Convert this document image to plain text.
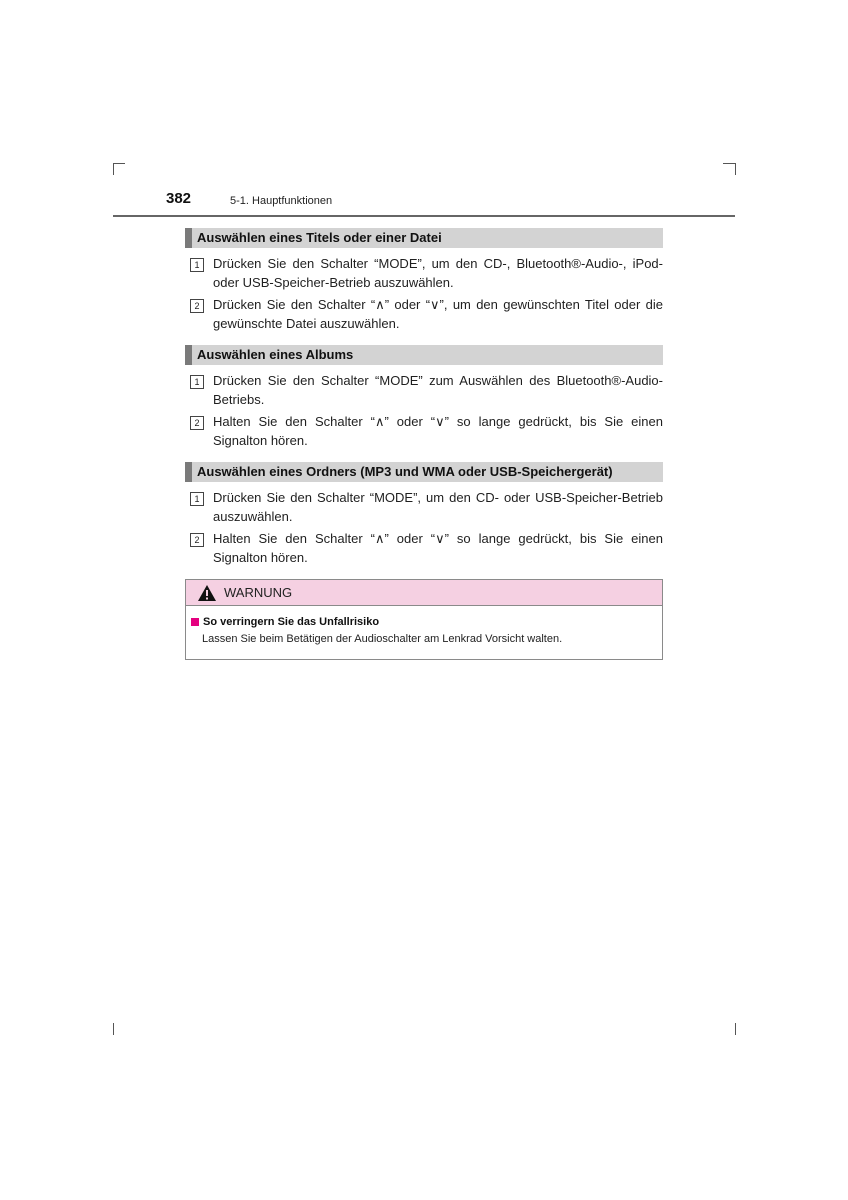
382	5-1. Hauptfunktionen
Auswählen eines Titels oder einer Datei
1	Drücken Sie den Schalter “MODE”, um den CD-, Bluetooth®-Audio-, iPod- oder USB-Speicher-Betrieb auszuwählen.
2	Drücken Sie den Schalter “∧” oder “∨”, um den gewünschten Titel oder die gewünschte Datei auszuwählen.
Auswählen eines Albums
1	Drücken Sie den Schalter “MODE” zum Auswählen des Bluetooth®-Audio-Betriebs.
2	Halten Sie den Schalter “∧” oder “∨” so lange gedrückt, bis Sie einen Signalton hören.
Auswählen eines Ordners (MP3 und WMA oder USB-Speichergerät)
1	Drücken Sie den Schalter “MODE”, um den CD- oder USB-Speicher-Betrieb auszuwählen.
2	Halten Sie den Schalter “∧” oder “∨” so lange gedrückt, bis Sie einen Signalton hören.
WARNUNG
So verringern Sie das Unfallrisiko
Lassen Sie beim Betätigen der Audioschalter am Lenkrad Vorsicht walten.
